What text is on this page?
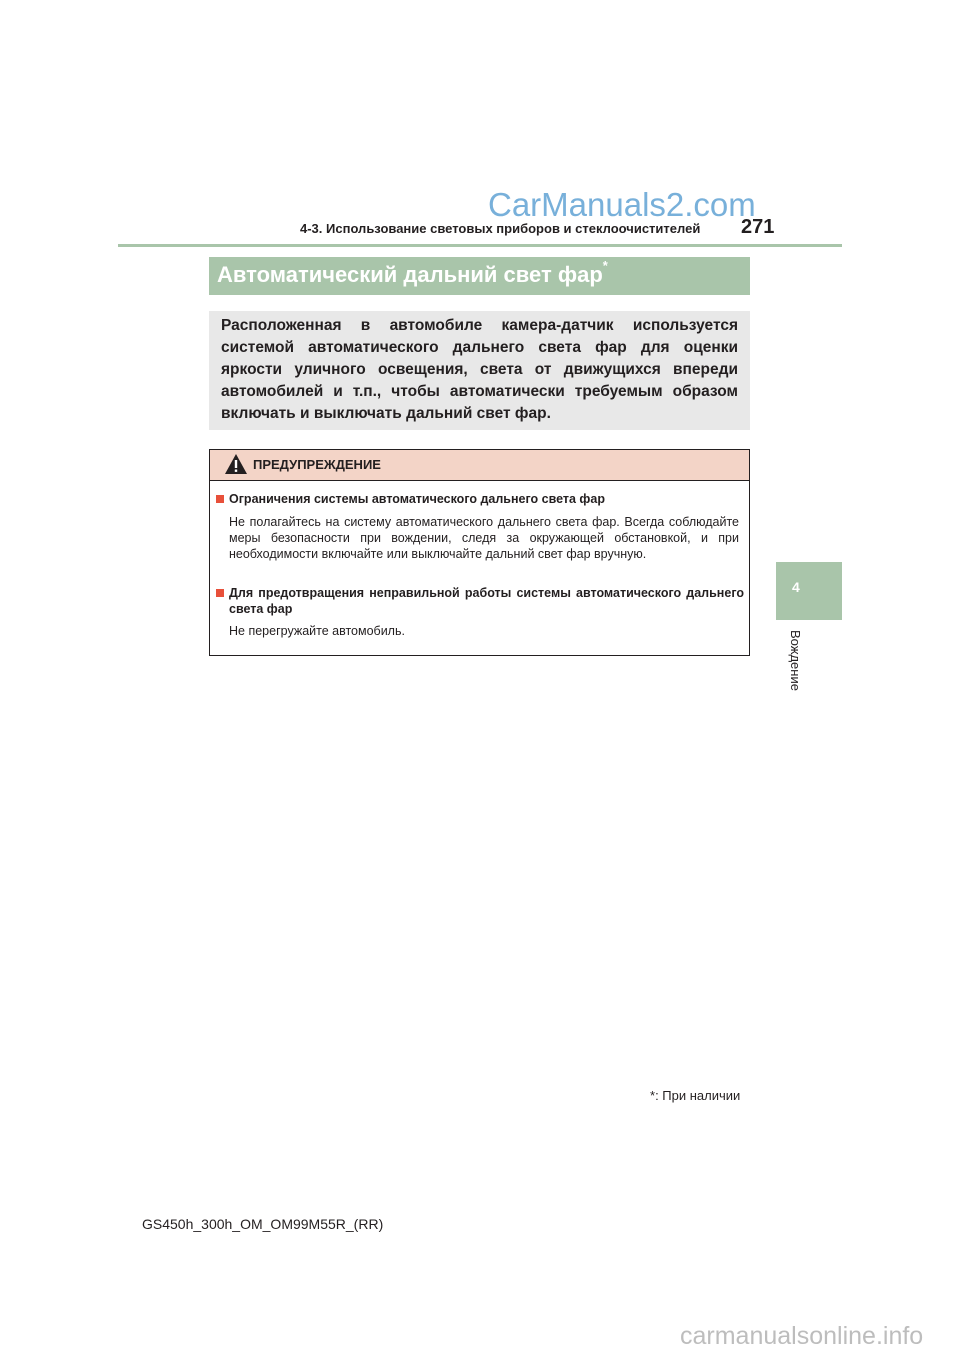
CarManuals2.com
4-3. Использование световых приборов и стеклоочистителей 271
Автоматический дальний свет фар*

Расположенная в автомобиле камера-датчик используется системой автоматического дальнего света фар для оценки яркости уличного освещения, света от движущихся впереди автомобилей и т.п., чтобы автоматически требуемым образом включать и выключать дальний свет фар.

ПРЕДУПРЕЖДЕНИЕ
Ограничения системы автоматического дальнего света фар
Не полагайтесь на систему автоматического дальнего света фар. Всегда соблюдайте меры безопасности при вождении, следя за окружающей обстановкой, и при необходимости включайте или выключайте дальний свет фар вручную.
Для предотвращения неправильной работы системы автоматического дальнего света фар
Не перегружайте автомобиль.
4
Вождение
*: При наличии
GS450h_300h_OM_OM99M55R_(RR)
carmanualsonline.info
